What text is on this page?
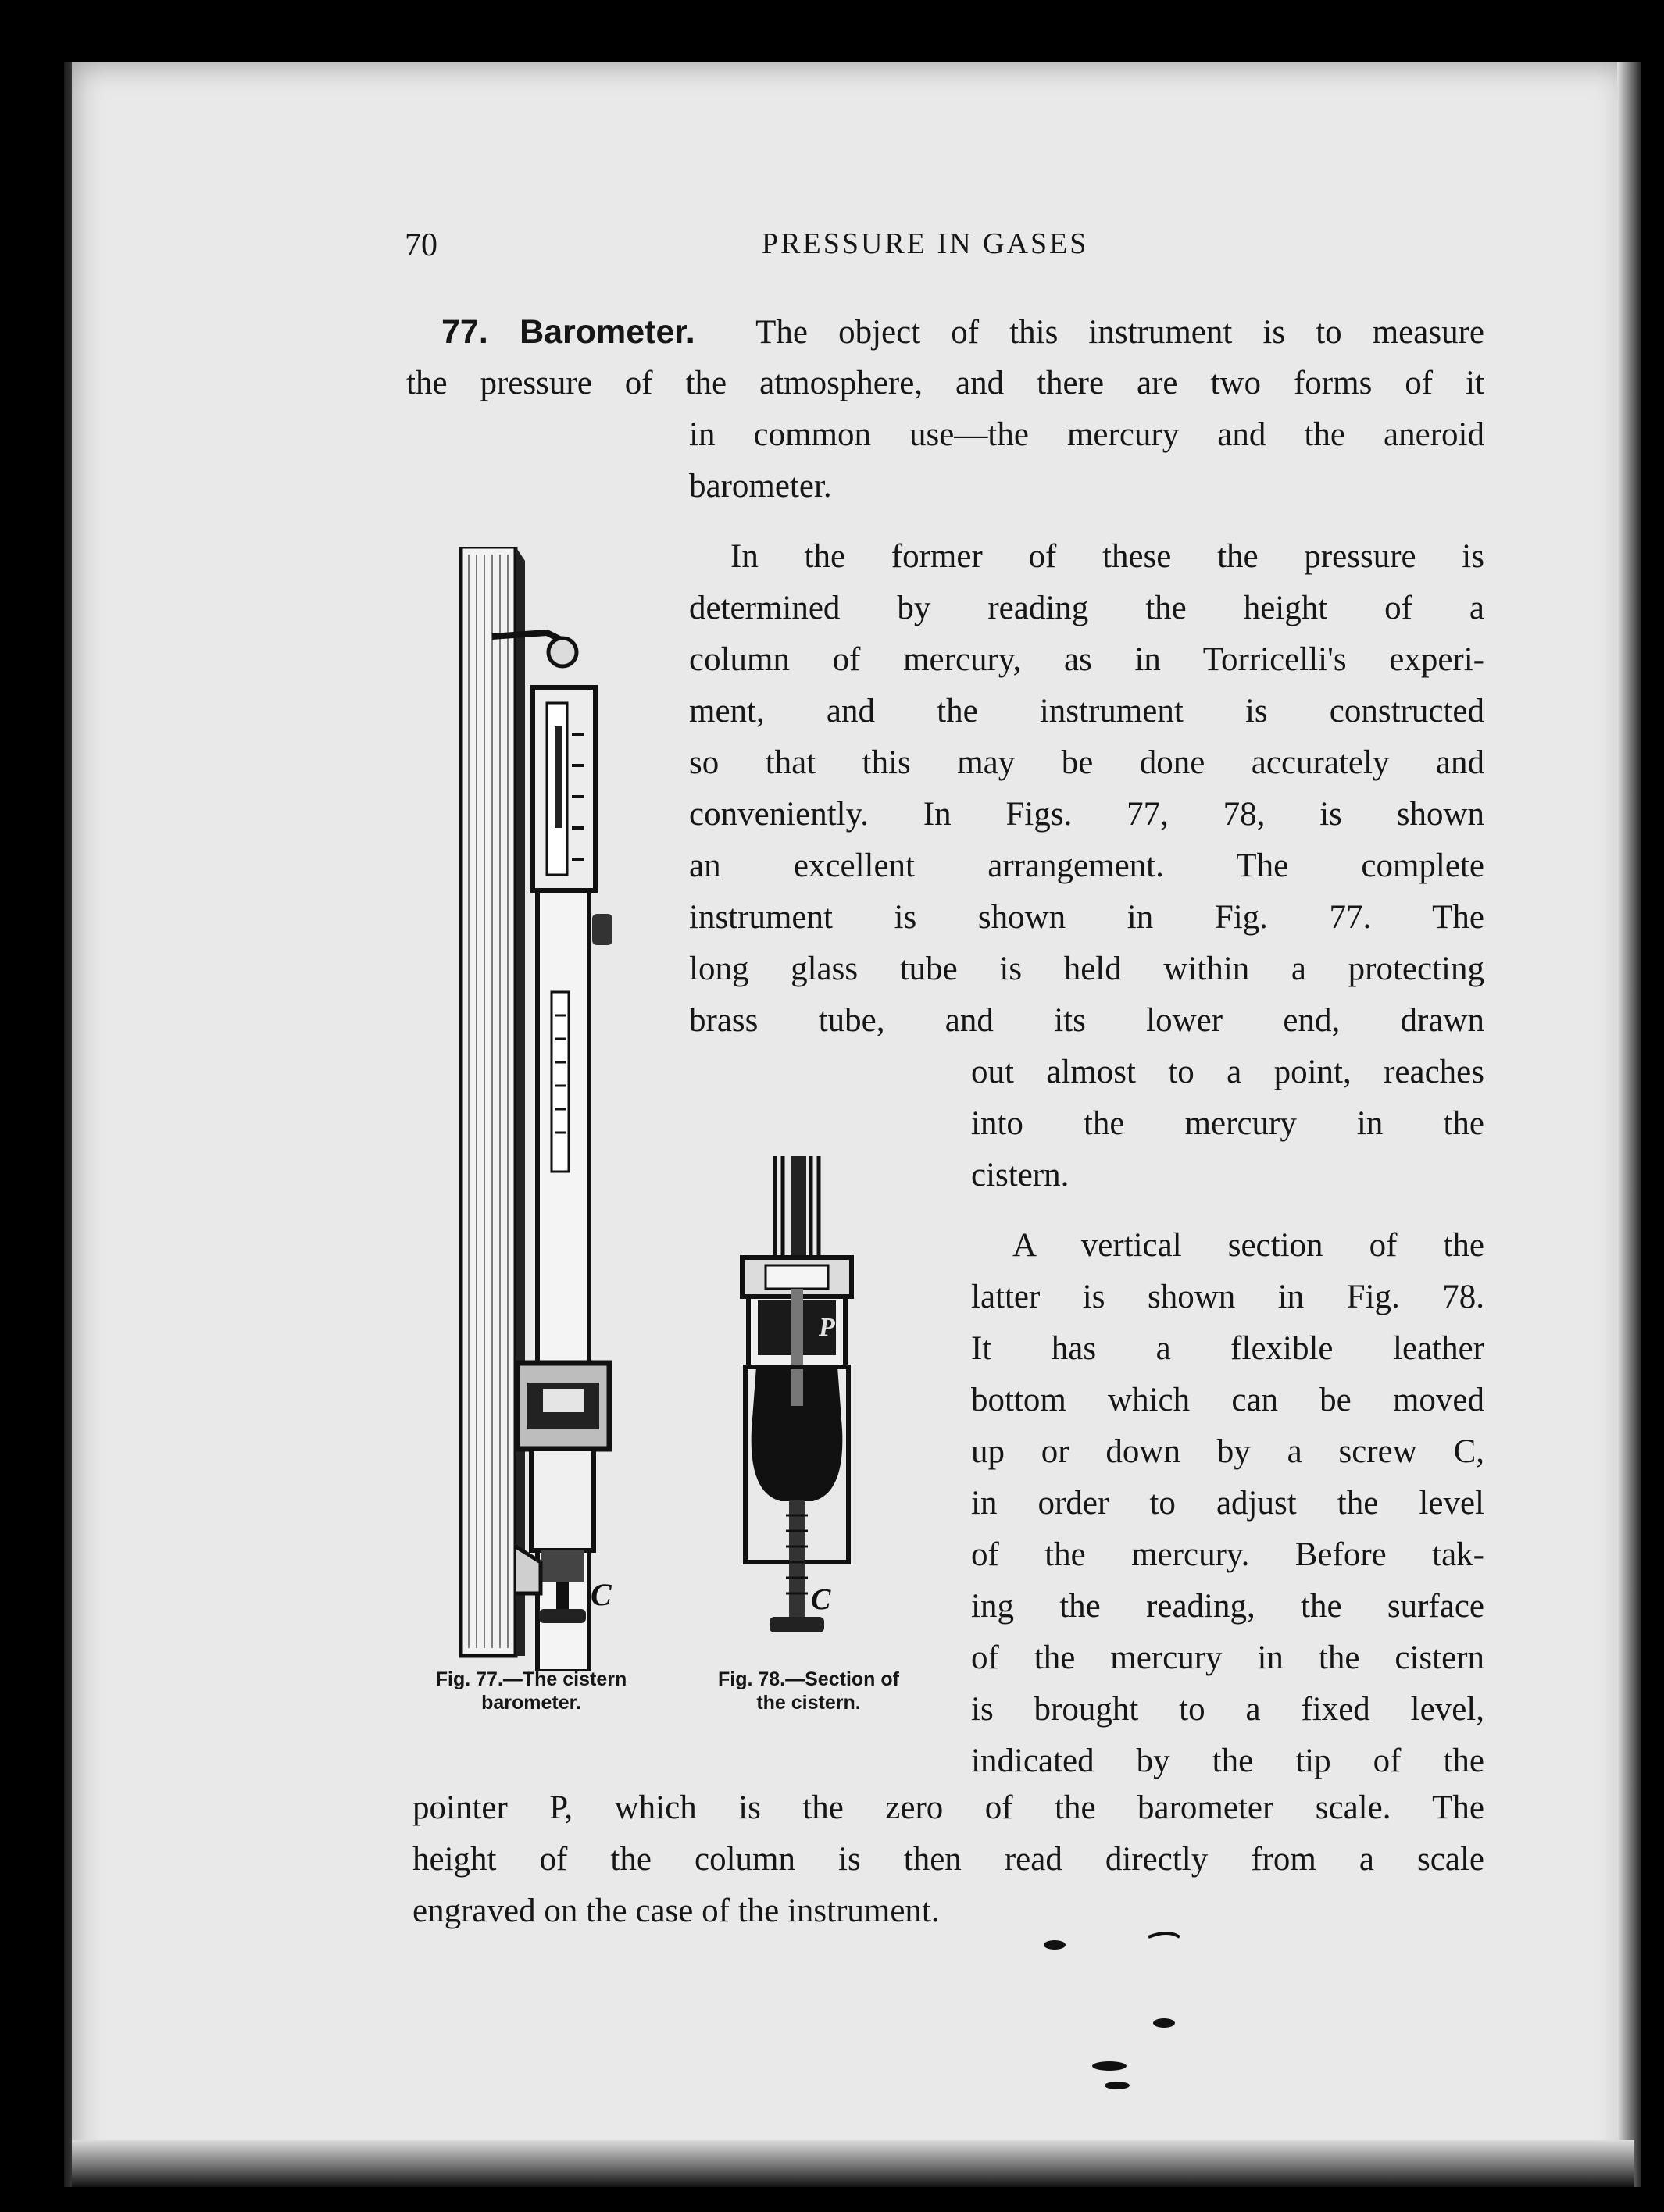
70	PRESSURE IN GASES
77. Barometer. The object of this instrument is to measure
the pressure of the atmosphere, and there are two forms of it
in common use—the mercury and the aneroid
barometer.
In the former of these the pressure is
determined by reading the height of a
column of mercury, as in Torricelli's experi-
ment, and the instrument is constructed
so that this may be done accurately and
conveniently. In Figs. 77, 78, is shown
an excellent arrangement. The complete
instrument is shown in Fig. 77. The
long glass tube is held within a protecting
brass tube, and its lower end, drawn
out almost to a point, reaches
into the mercury in the
cistern.
A vertical section of the
latter is shown in Fig. 78.
It has a flexible leather
bottom which can be moved
up or down by a screw C,
in order to adjust the level
of the mercury. Before tak-
ing the reading, the surface
of the mercury in the cistern
is brought to a fixed level,
indicated by the tip of the
pointer P, which is the zero of the barometer scale. The
height of the column is then read directly from a scale
engraved on the case of the instrument.
C
P
C
Fig. 77.—The cistern
barometer.
Fig. 78.—Section of
the cistern.
